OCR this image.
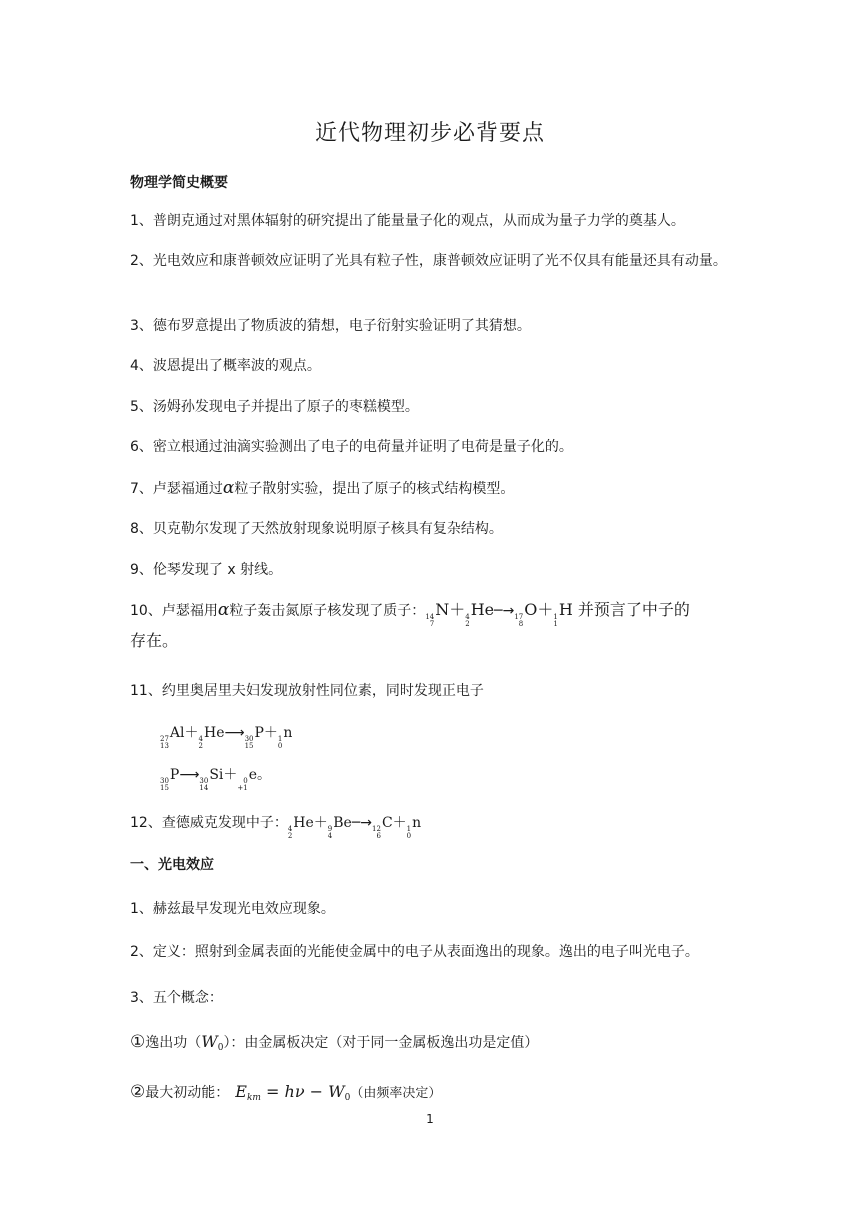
近代物理初步必背要点
物理学简史概要
1、普朗克通过对黑体辐射的研究提出了能量量子化的观点，从而成为量子力学的奠基人。
2、光电效应和康普顿效应证明了光具有粒子性，康普顿效应证明了光不仅具有能量还具有动量。
3、德布罗意提出了物质波的猜想，电子衍射实验证明了其猜想。
4、波恩提出了概率波的观点。
5、汤姆孙发现电子并提出了原子的枣糕模型。
6、密立根通过油滴实验测出了电子的电荷量并证明了电荷是量子化的。
7、卢瑟福通过α粒子散射实验，提出了原子的核式结构模型。
8、贝克勒尔发现了天然放射现象说明原子核具有复杂结构。
9、伦琴发现了 x 射线。
10、卢瑟福用α粒子轰击氮原子核发现了质子： 14
7
N＋ 4
2
He─→ 17
8
O＋ 1
1
H 并预言了中子的
存在。
11、约里奥居里夫妇发现放射性同位素，同时发现正电子
27
13
Al＋ 4
2
He⟶ 30
15
P＋ 1
0
n
30
15
P⟶ 30
14
Si＋ 0
+1
e。
12、查德威克发现中子： 4
2
He＋ 9
4
Be─→ 12
6
C＋ 1
0
n
一、光电效应
1、赫兹最早发现光电效应现象。
2、定义：照射到金属表面的光能使金属中的电子从表面逸出的现象。逸出的电子叫光电子。
3、五个概念：
①逸出功$(W_0)$：由金属板决定（对于同一金属板逸出功是定值）
②最大初动能： $E_{km} = h\nu - W_0$（由频率决定）
1
